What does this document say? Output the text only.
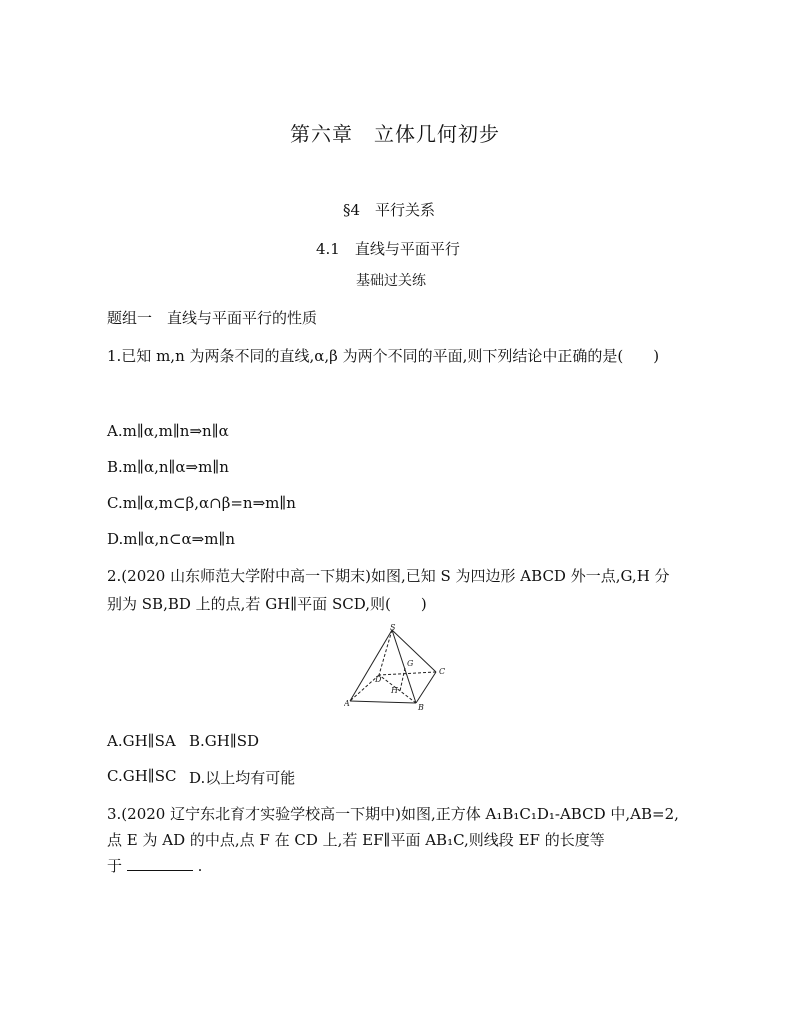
第六章　立体几何初步
§4　平行关系
4.1　直线与平面平行
基础过关练
题组一　直线与平面平行的性质
1.已知 m,n 为两条不同的直线,α,β 为两个不同的平面,则下列结论中正确的是(　　)
A.m∥α,m∥n⇒n∥α
B.m∥α,n∥α⇒m∥n
C.m∥α,m⊂β,α∩β=n⇒m∥n
D.m∥α,n⊂α⇒m∥n
2.(2020 山东师范大学附中高一下期末)如图,已知 S 为四边形 ABCD 外一点,G,H 分
别为 SB,BD 上的点,若 GH∥平面 SCD,则(　　)
S
G
C
D
H
A	B
A.GH∥SA B.GH∥SD
C.GH∥SC D.以上均有可能
3.(2020 辽宁东北育才实验学校高一下期中)如图,正方体 A₁B₁C₁D₁-ABCD 中,AB=2,
点 E 为 AD 的中点,点 F 在 CD 上,若 EF∥平面 AB₁C,则线段 EF 的长度等
于	.
